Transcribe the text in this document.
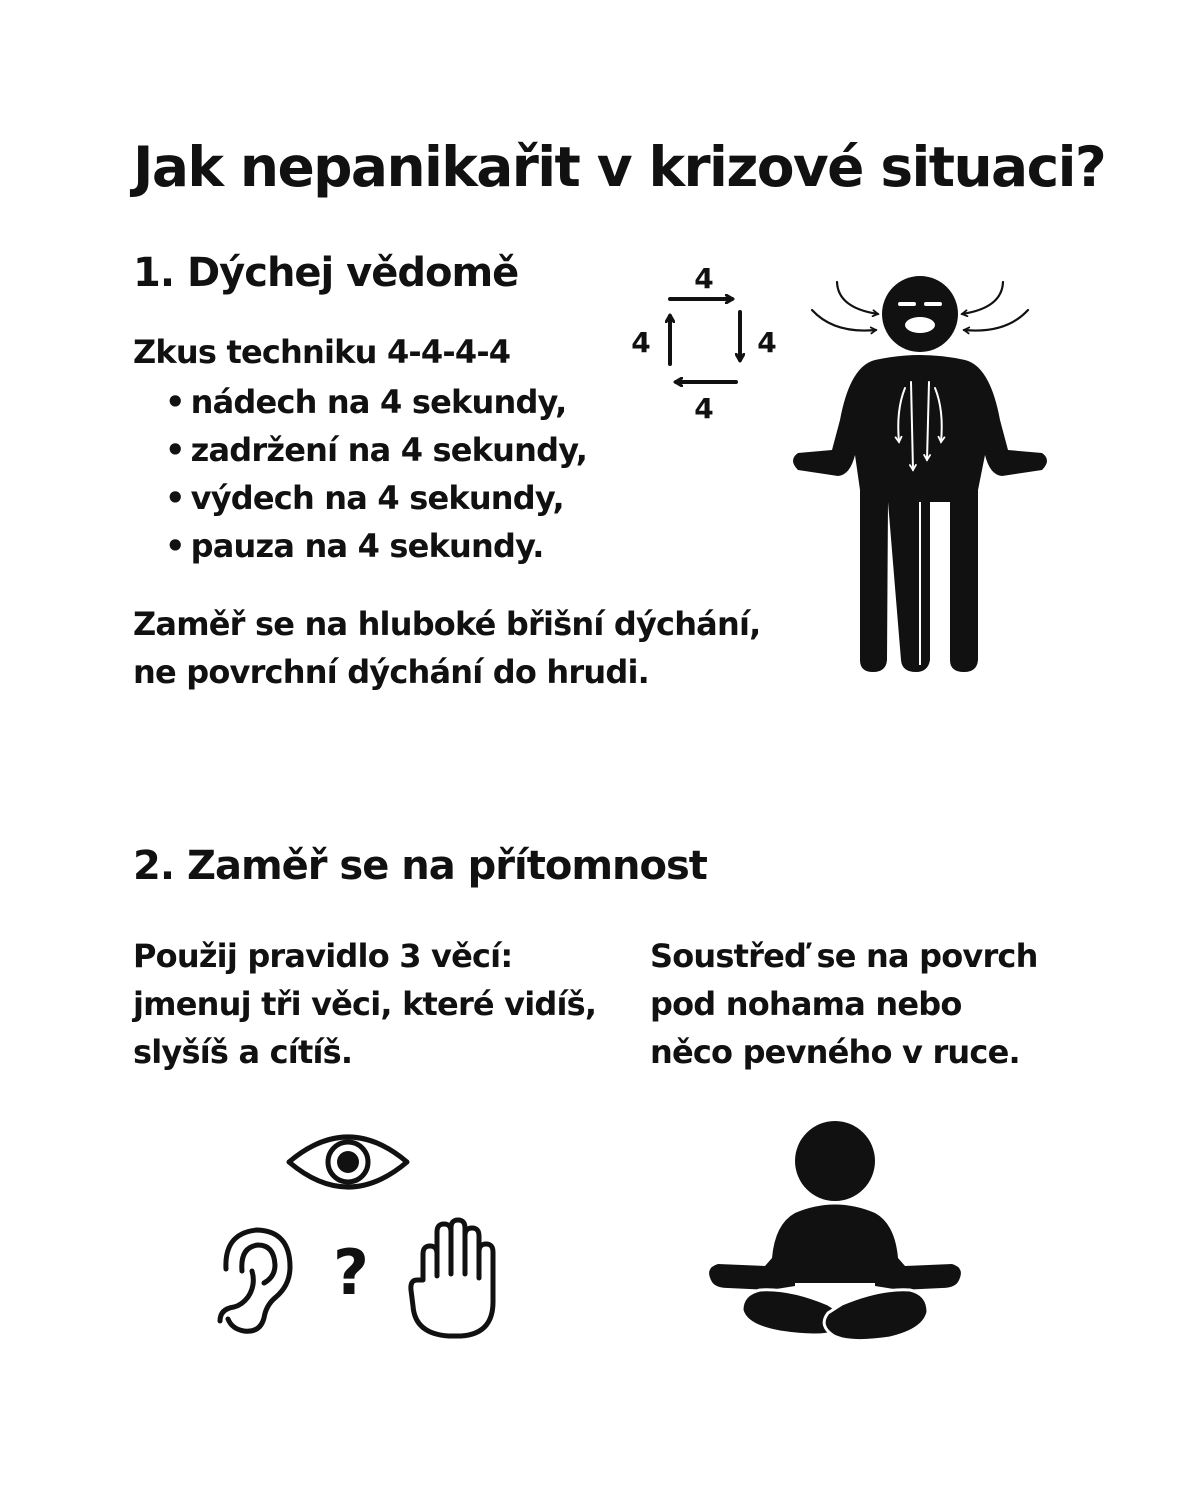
Jak nepanikařit v krizové situaci?
1. Dýchej vědomě
Zkus techniku 4-4-4-4
• nádech na 4 sekundy,
• zadržení na 4 sekundy,
• výdech na 4 sekundy,
• pauza na 4 sekundy.
Zaměř se na hluboké břišní dýchání,
ne povrchní dýchání do hrudi.
4
4
4
4
2. Zaměř se na přítomnost
Použij pravidlo 3 věcí:
jmenuj tři věci, které vidíš,
slyšíš a cítíš.
Soustřeď se na povrch
pod nohama nebo
něco pevného v ruce.
?
